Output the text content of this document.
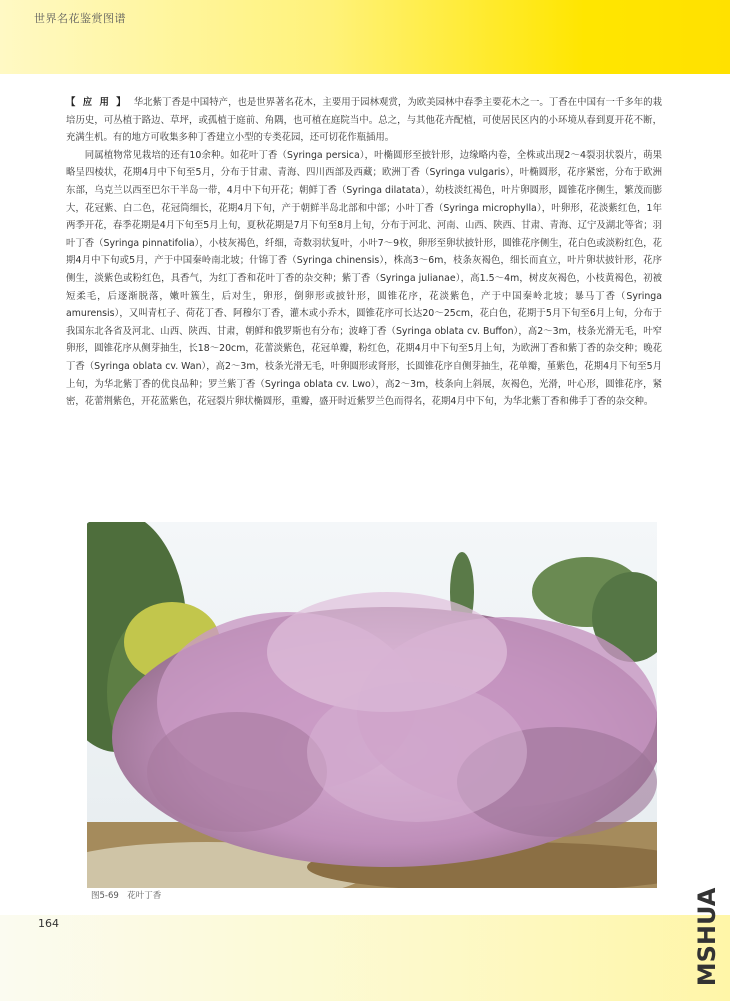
世界名花鉴赏图谱

【 应 用 】 华北紫丁香是中国特产，也是世界著名花木，主要用于园林观赏，为欧美园林中春季主要花木之一。丁香在中国有一千多年的栽培历史，可丛植于路边、草坪，或孤植于庭前、角隅，也可植在庭院当中。总之，与其他花卉配植，可使居民区内的小环境从春到夏开花不断，充满生机。有的地方可收集多种丁香建立小型的专类花园，还可切花作瓶插用。

同属植物常见栽培的还有10余种。如花叶丁香（Syringa persica），叶椭圆形至披针形，边缘略内卷，全株或出现2～4裂羽状裂片，萌果略呈四棱状，花期4月中下旬至5月，分布于甘肃、青海、四川西部及西藏；欧洲丁香（Syringa vulgaris），叶椭圆形，花序紧密，分布于欧洲东部，乌克兰以西至巴尔干半岛一带，4月中下旬开花；朝鲜丁香（Syringa dilatata），幼枝淡红褐色，叶片卵圆形，圆锥花序侧生，繁茂而膨大，花冠紫、白二色，花冠筒细长，花期4月下旬，产于朝鲜半岛北部和中部；小叶丁香（Syringa microphylla），叶卵形，花淡紫红色，1年两季开花，春季花期是4月下旬至5月上旬，夏秋花期是7月下旬至8月上旬，分布于河北、河南、山西、陕西、甘肃、青海、辽宁及湖北等省；羽叶丁香（Syringa pinnatifolia），小枝灰褐色，纤细，奇数羽状复叶，小叶7～9枚，卵形至卵状披针形，圆锥花序侧生，花白色或淡粉红色，花期4月中下旬或5月，产于中国秦岭南北坡；什锦丁香（Syringa chinensis），株高3～6m，枝条灰褐色，细长而直立，叶片卵状披针形，花序侧生，淡紫色或粉红色，具香气，为红丁香和花叶丁香的杂交种；紫丁香（Syringa julianae），高1.5～4m，树皮灰褐色，小枝黄褐色，初被短柔毛，后逐渐脱落，嫩叶簇生，后对生，卵形，倒卵形或披针形，圆锥花序，花淡紫色，产于中国秦岭北坡；暴马丁香（Syringa amurensis），又叫青杠子、荷花丁香、阿穆尔丁香，灌木或小乔木，圆锥花序可长达20～25cm，花白色，花期于5月下旬至6月上旬，分布于我国东北各省及河北、山西、陕西、甘肃，朝鲜和俄罗斯也有分布；波峰丁香（Syringa oblata cv. Buffon），高2～3m，枝条光滑无毛，叶窄卵形，圆锥花序从侧芽抽生，长18～20cm，花蕾淡紫色，花冠单瓣，粉红色，花期4月中下旬至5月上旬，为欧洲丁香和紫丁香的杂交种；晚花丁香（Syringa oblata cv. Wan），高2～3m，枝条光滑无毛，叶卵圆形或肾形，长圆锥花序自侧芽抽生，花单瓣，堇紫色，花期4月下旬至5月上旬，为华北紫丁香的优良品种；罗兰紫丁香（Syringa oblata cv. Lwo），高2～3m，枝条向上斜展，灰褐色，光滑，叶心形，圆锥花序，紧密，花蕾荆紫色，开花蓝紫色，花冠裂片卵状椭圆形，重瓣，盛开时近紫罗兰色而得名，花期4月中下旬，为华北紫丁香和佛手丁香的杂交种。

图5-69　花叶丁香
164	MSHUA
